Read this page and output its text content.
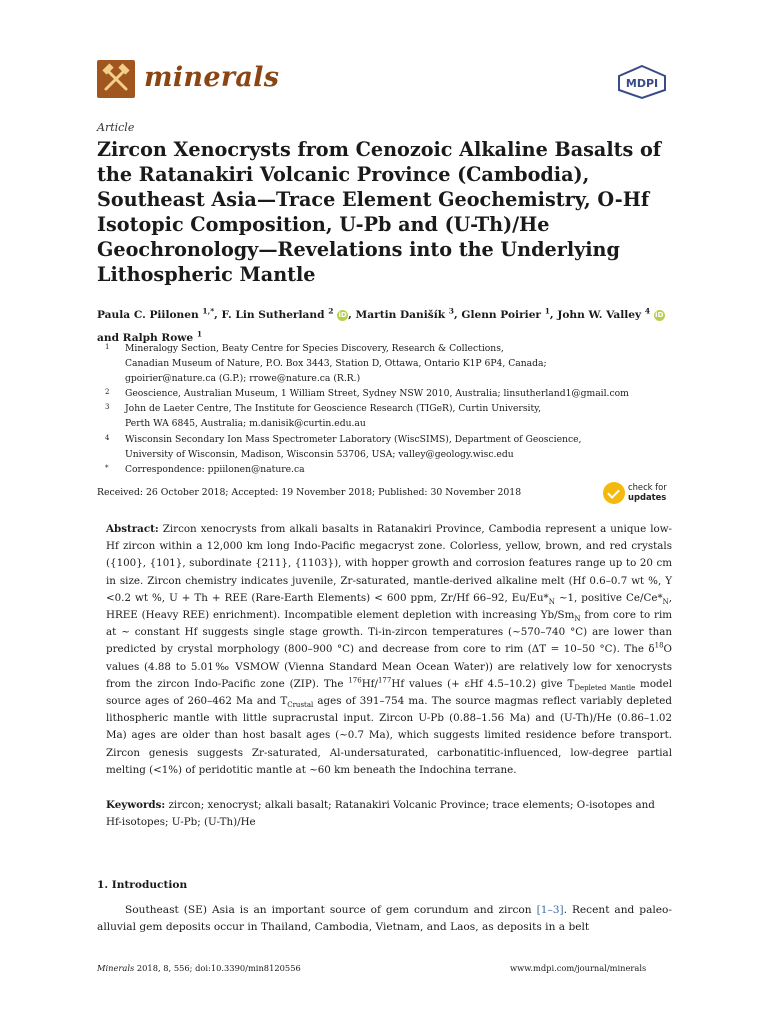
minerals	MDPI
Article
Zircon Xenocrysts from Cenozoic Alkaline Basalts of the Ratanakiri Volcanic Province (Cambodia), Southeast Asia—Trace Element Geochemistry, O-Hf Isotopic Composition, U-Pb and (U-Th)/He Geochronology—Revelations into the Underlying Lithospheric Mantle
Paula C. Piilonen $^{1,*}$, F. Lin Sutherland $^2$ iD, Martin Danišík $^3$, Glenn Poirier $^1$, John W. Valley $^4$ iD
and Ralph Rowe $^1$
1	Mineralogy Section, Beaty Centre for Species Discovery, Research & Collections,
Canadian Museum of Nature, P.O. Box 3443, Station D, Ottawa, Ontario K1P 6P4, Canada;
gpoirier@nature.ca (G.P.); rrowe@nature.ca (R.R.)
2	Geoscience, Australian Museum, 1 William Street, Sydney NSW 2010, Australia; linsutherland1@gmail.com
3	John de Laeter Centre, The Institute for Geoscience Research (TIGeR), Curtin University,
Perth WA 6845, Australia; m.danisik@curtin.edu.au
4	Wisconsin Secondary Ion Mass Spectrometer Laboratory (WiscSIMS), Department of Geoscience,
University of Wisconsin, Madison, Wisconsin 53706, USA; valley@geology.wisc.edu
*	Correspondence: ppiilonen@nature.ca
Received: 26 October 2018; Accepted: 19 November 2018; Published: 30 November 2018	check for
updates
Abstract: Zircon xenocrysts from alkali basalts in Ratanakiri Province, Cambodia represent a unique low-Hf zircon within a 12,000 km long Indo-Pacific megacryst zone. Colorless, yellow, brown, and red crystals ({100}, {101}, subordinate {211}, {1103}), with hopper growth and corrosion features range up to 20 cm in size. Zircon chemistry indicates juvenile, Zr-saturated, mantle-derived alkaline melt (Hf 0.6–0.7 wt %, Y <0.2 wt %, U + Th + REE (Rare-Earth Elements) < 600 ppm, Zr/Hf 66–92, $Eu/Eu*_N$ ~1, positive $Ce/Ce*_N$, HREE (Heavy REE) enrichment). Incompatible element depletion with increasing $Yb/Sm_N$ from core to rim at ~ constant Hf suggests single stage growth. Ti-in-zircon temperatures (~570–740 °C) are lower than predicted by crystal morphology (800–900 °C) and decrease from core to rim (ΔT = 10–50 °C). The $\delta^{18}O$ values (4.88 to 5.01‰ VSMOW (Vienna Standard Mean Ocean Water)) are relatively low for xenocrysts from the zircon Indo-Pacific zone (ZIP). The $^{176}$Hf/$^{177}$Hf values (+ εHf 4.5–10.2) give $T_{Depleted Mantle}$ model source ages of 260–462 Ma and $T_{Crustal}$ ages of 391–754 ma. The source magmas reflect variably depleted lithospheric mantle with little supracrustal input. Zircon U-Pb (0.88–1.56 Ma) and (U-Th)/He (0.86–1.02 Ma) ages are older than host basalt ages (~0.7 Ma), which suggests limited residence before transport. Zircon genesis suggests Zr-saturated, Al-undersaturated, carbonatitic-influenced, low-degree partial melting (<1%) of peridotitic mantle at ~60 km beneath the Indochina terrane.
Keywords: zircon; xenocryst; alkali basalt; Ratanakiri Volcanic Province; trace elements; O-isotopes and Hf-isotopes; U-Pb; (U-Th)/He
1. Introduction
Southeast (SE) Asia is an important source of gem corundum and zircon [1–3]. Recent and paleo-alluvial gem deposits occur in Thailand, Cambodia, Vietnam, and Laos, as deposits in a belt
Minerals 2018, 8, 556; doi:10.3390/min8120556	www.mdpi.com/journal/minerals
